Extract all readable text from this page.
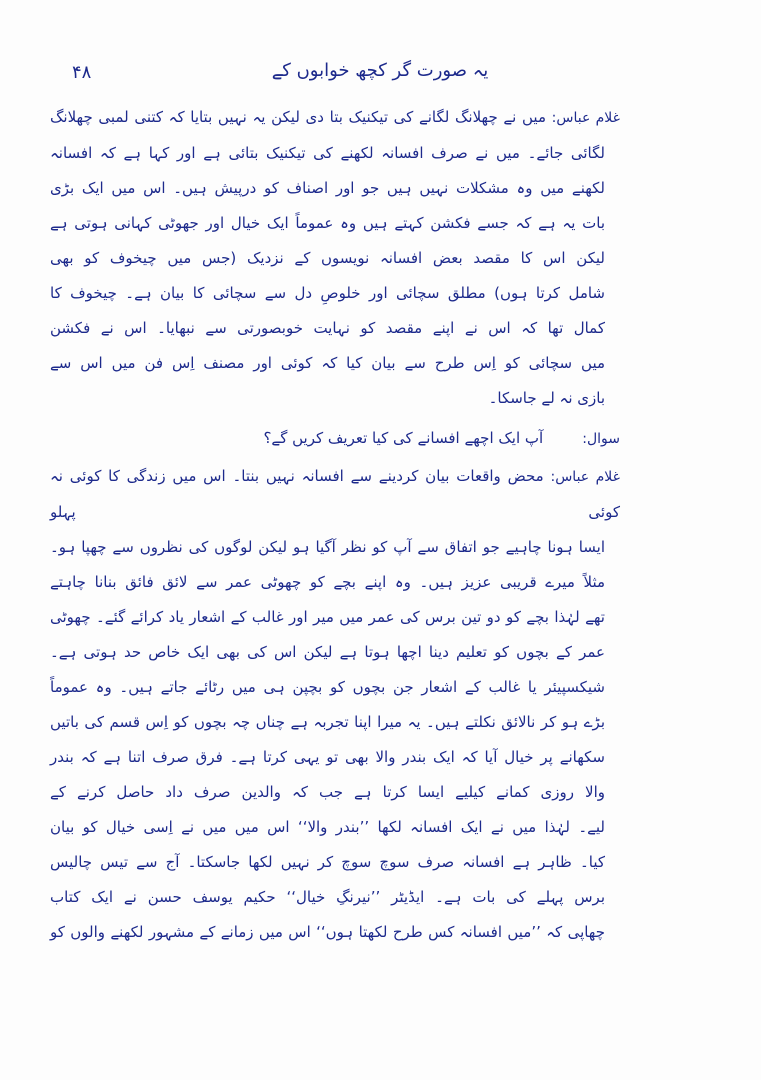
۴۸	یہ صورت گر کچھ خوابوں کے
غلام عباس: میں نے چھلانگ لگانے کی تیکنیک بتا دی لیکن یہ نہیں بتایا کہ کتنی لمبی چھلانگ
لگائی جائے۔ میں نے صرف افسانہ لکھنے کی تیکنیک بتائی ہے اور کہا ہے کہ افسانہ
لکھنے میں وہ مشکلات نہیں ہیں جو اور اصناف کو درپیش ہیں۔ اس میں ایک بڑی
بات یہ ہے کہ جسے فکشن کہتے ہیں وہ عموماً ایک خیال اور جھوٹی کہانی ہوتی ہے
لیکن اس کا مقصد بعض افسانہ نویسوں کے نزدیک (جس میں چیخوف کو بھی
شامل کرتا ہوں) مطلق سچائی اور خلوصِ دل سے سچائی کا بیان ہے۔ چیخوف کا
کمال تھا کہ اس نے اپنے مقصد کو نہایت خوبصورتی سے نبھایا۔ اس نے فکشن
میں سچائی کو اِس طرح سے بیان کیا کہ کوئی اور مصنف اِس فن میں اس سے
بازی نہ لے جاسکا۔
سوال: آپ ایک اچھے افسانے کی کیا تعریف کریں گے؟
غلام عباس: محض واقعات بیان کردینے سے افسانہ نہیں بنتا۔ اس میں زندگی کا کوئی نہ کوئی پہلو
ایسا ہونا چاہیے جو اتفاق سے آپ کو نظر آگیا ہو لیکن لوگوں کی نظروں سے چھپا ہو۔
مثلاً میرے قریبی عزیز ہیں۔ وہ اپنے بچے کو چھوٹی عمر سے لائق فائق بنانا چاہتے
تھے لہٰذا بچے کو دو تین برس کی عمر میں میر اور غالب کے اشعار یاد کرائے گئے۔ چھوٹی
عمر کے بچوں کو تعلیم دینا اچھا ہوتا ہے لیکن اس کی بھی ایک خاص حد ہوتی ہے۔
شیکسپیئر یا غالب کے اشعار جن بچوں کو بچپن ہی میں رٹائے جاتے ہیں۔ وہ عموماً
بڑے ہو کر نالائق نکلتے ہیں۔ یہ میرا اپنا تجربہ ہے چناں چہ بچوں کو اِس قسم کی باتیں
سکھانے پر خیال آیا کہ ایک بندر والا بھی تو یہی کرتا ہے۔ فرق صرف اتنا ہے کہ بندر
والا روزی کمانے کیلیے ایسا کرتا ہے جب کہ والدین صرف داد حاصل کرنے کے
لیے۔ لہٰذا میں نے ایک افسانہ لکھا ’’بندر والا‘‘ اس میں میں نے اِسی خیال کو بیان
کیا۔ ظاہر ہے افسانہ صرف سوچ سوچ کر نہیں لکھا جاسکتا۔ آج سے تیس چالیس
برس پہلے کی بات ہے۔ ایڈیٹر ’’نیرنگِ خیال‘‘ حکیم یوسف حسن نے ایک کتاب
چھاپی کہ ’’میں افسانہ کس طرح لکھتا ہوں‘‘ اس میں زمانے کے مشہور لکھنے والوں کو
